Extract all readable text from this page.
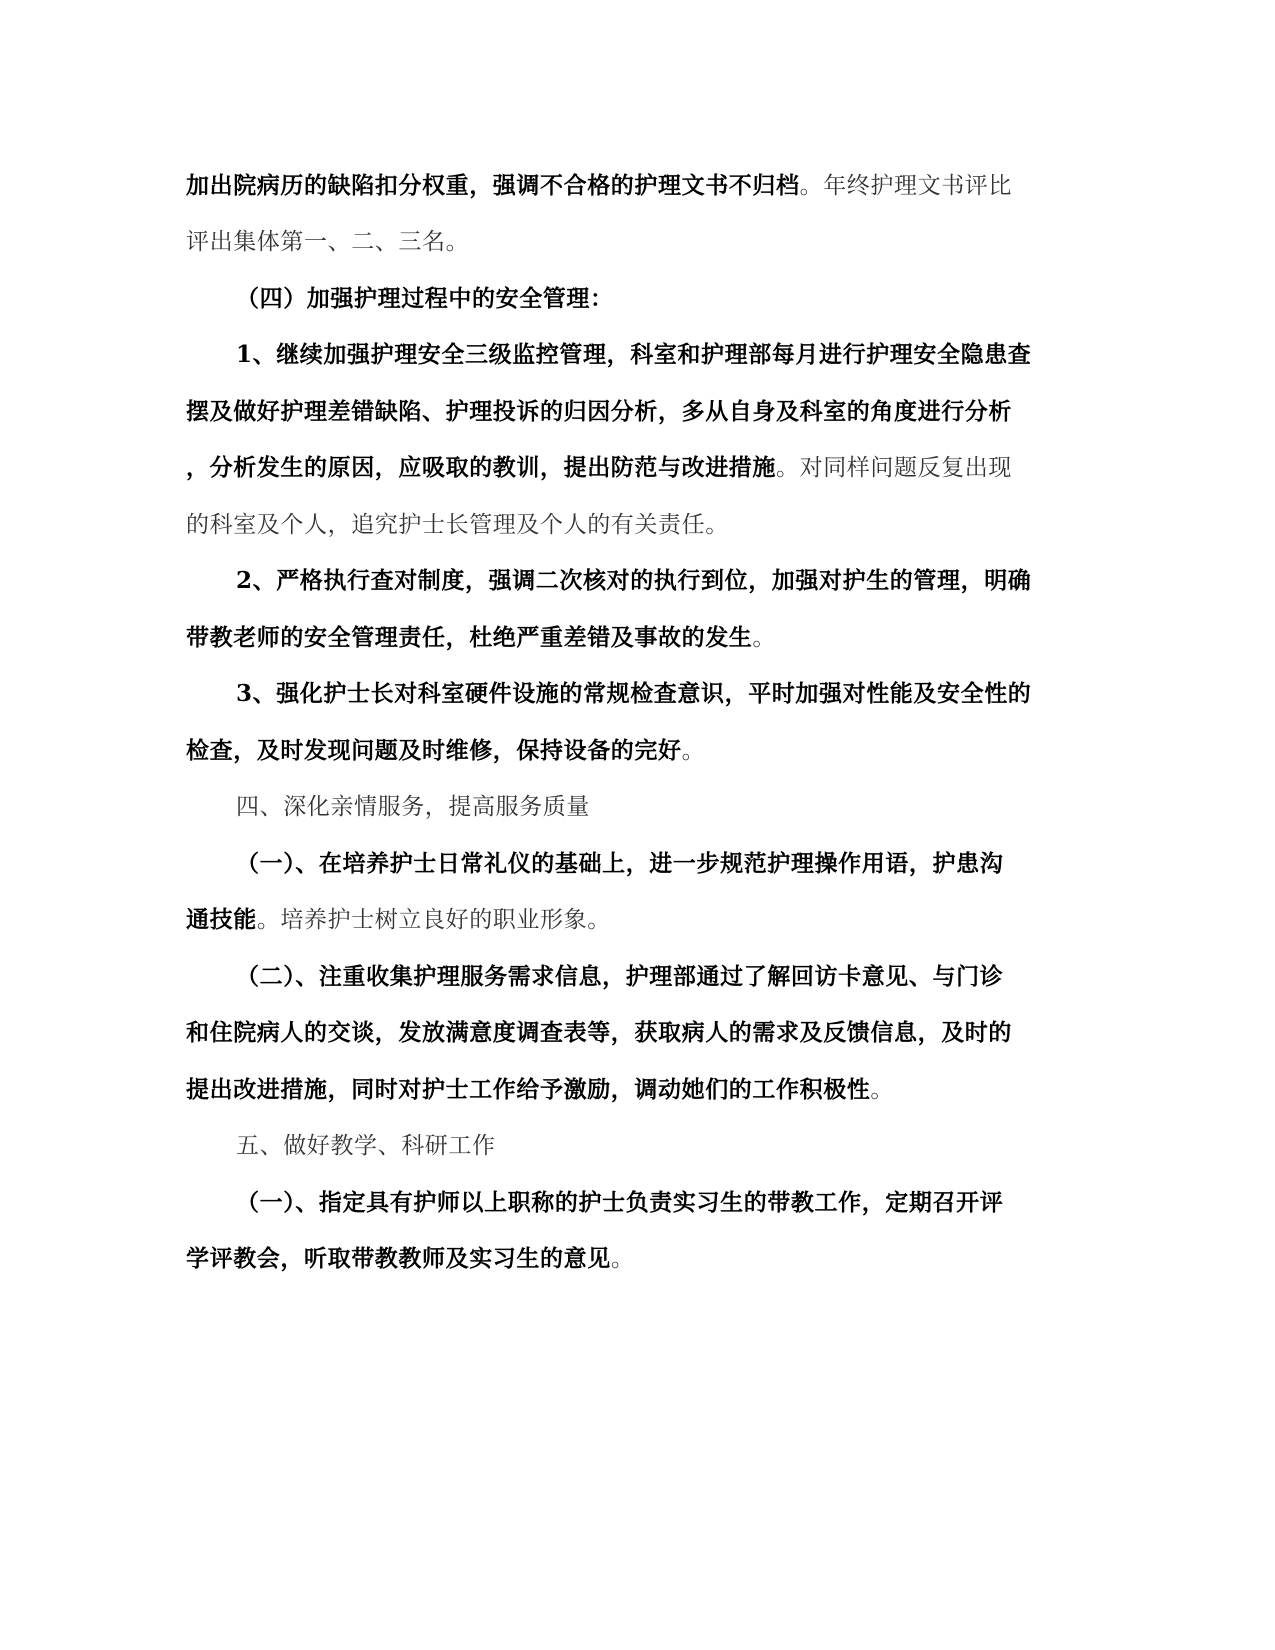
加出院病历的缺陷扣分权重，强调不合格的护理文书不归档。年终护理文书评比
评出集体第一、二、三名。
（四）加强护理过程中的安全管理：
1、继续加强护理安全三级监控管理，科室和护理部每月进行护理安全隐患查
摆及做好护理差错缺陷、护理投诉的归因分析，多从自身及科室的角度进行分析
，分析发生的原因，应吸取的教训，提出防范与改进措施。对同样问题反复出现
的科室及个人，追究护士长管理及个人的有关责任。
2、严格执行查对制度，强调二次核对的执行到位，加强对护生的管理，明确
带教老师的安全管理责任，杜绝严重差错及事故的发生。
3、强化护士长对科室硬件设施的常规检查意识，平时加强对性能及安全性的
检查，及时发现问题及时维修，保持设备的完好。
四、深化亲情服务，提高服务质量
（一）、在培养护士日常礼仪的基础上，进一步规范护理操作用语，护患沟
通技能。培养护士树立良好的职业形象。
（二）、注重收集护理服务需求信息，护理部通过了解回访卡意见、与门诊
和住院病人的交谈，发放满意度调查表等，获取病人的需求及反馈信息，及时的
提出改进措施，同时对护士工作给予激励，调动她们的工作积极性。
五、做好教学、科研工作
（一）、指定具有护师以上职称的护士负责实习生的带教工作，定期召开评
学评教会，听取带教教师及实习生的意见。
